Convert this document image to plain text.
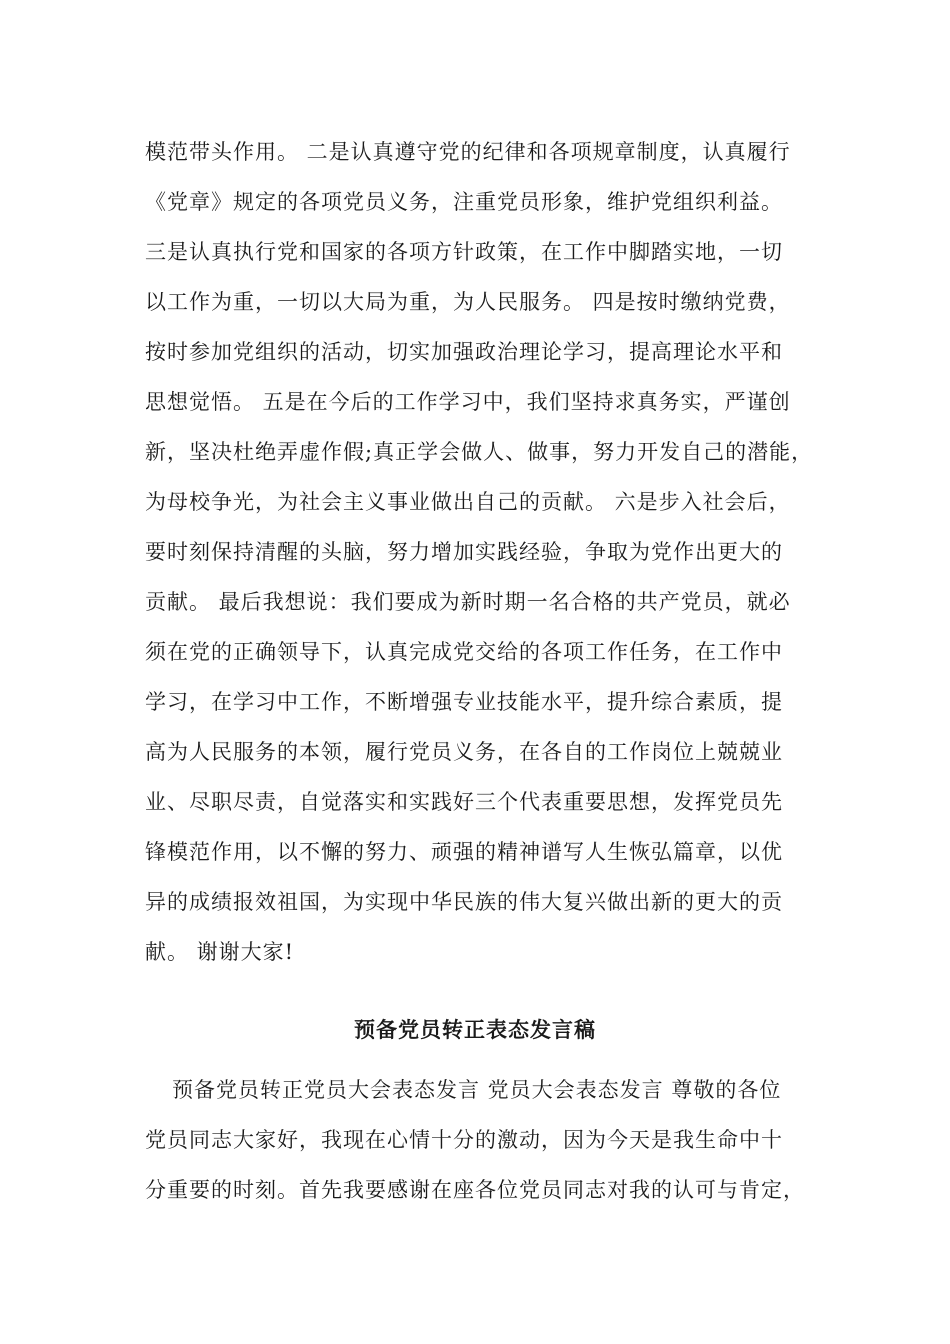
模范带头作用。 二是认真遵守党的纪律和各项规章制度，认真履行
《党章》规定的各项党员义务，注重党员形象，维护党组织利益。
三是认真执行党和国家的各项方针政策，在工作中脚踏实地，一切
以工作为重，一切以大局为重，为人民服务。 四是按时缴纳党费，
按时参加党组织的活动，切实加强政治理论学习，提高理论水平和
思想觉悟。 五是在今后的工作学习中，我们坚持求真务实，严谨创
新，坚决杜绝弄虚作假;真正学会做人、做事，努力开发自己的潜能，
为母校争光，为社会主义事业做出自己的贡献。 六是步入社会后，
要时刻保持清醒的头脑，努力增加实践经验，争取为党作出更大的
贡献。 最后我想说：我们要成为新时期一名合格的共产党员，就必
须在党的正确领导下，认真完成党交给的各项工作任务，在工作中
学习，在学习中工作，不断增强专业技能水平，提升综合素质，提
高为人民服务的本领，履行党员义务，在各自的工作岗位上兢兢业
业、尽职尽责，自觉落实和实践好三个代表重要思想，发挥党员先
锋模范作用，以不懈的努力、顽强的精神谱写人生恢弘篇章，以优
异的成绩报效祖国，为实现中华民族的伟大复兴做出新的更大的贡
献。 谢谢大家!
预备党员转正表态发言稿
预备党员转正党员大会表态发言 党员大会表态发言 尊敬的各位
党员同志大家好，我现在心情十分的激动，因为今天是我生命中十
分重要的时刻。首先我要感谢在座各位党员同志对我的认可与肯定，
